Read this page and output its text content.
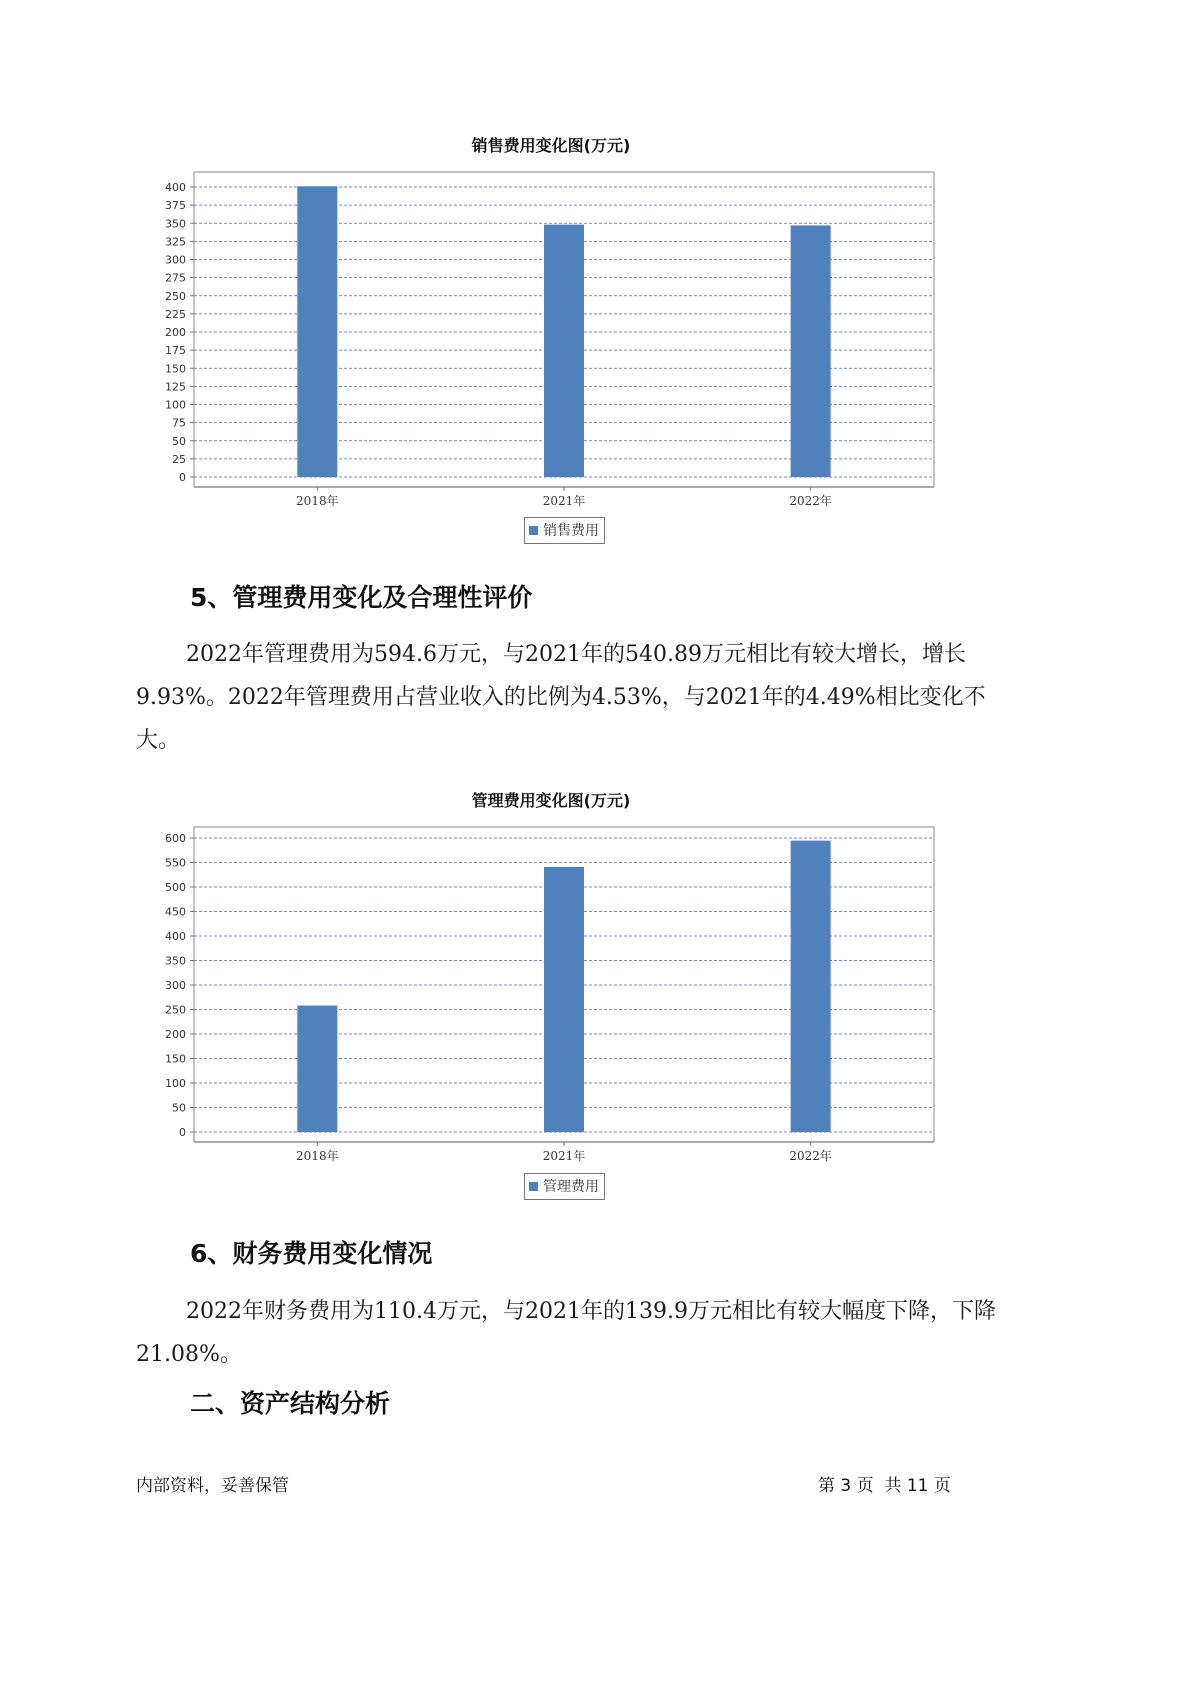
销售费用变化图(万元)
0
25
50
75
100
125
150
175
200
225
250
275
300
325
350
375
400
2018年	2021年	2022年
销售费用
5、管理费用变化及合理性评价
2022年管理费用为594.6万元，与2021年的540.89万元相比有较大增长，增长9.93%。2022年管理费用占营业收入的比例为4.53%，与2021年的4.49%相比变化不大。
管理费用变化图(万元)
0
50
100
150
200
250
300
350
400
450
500
550
600
2018年	2021年	2022年
管理费用
6、财务费用变化情况
2022年财务费用为110.4万元，与2021年的139.9万元相比有较大幅度下降，下降21.08%。
二、资产结构分析
内部资料，妥善保管	第 3 页  共 11 页
